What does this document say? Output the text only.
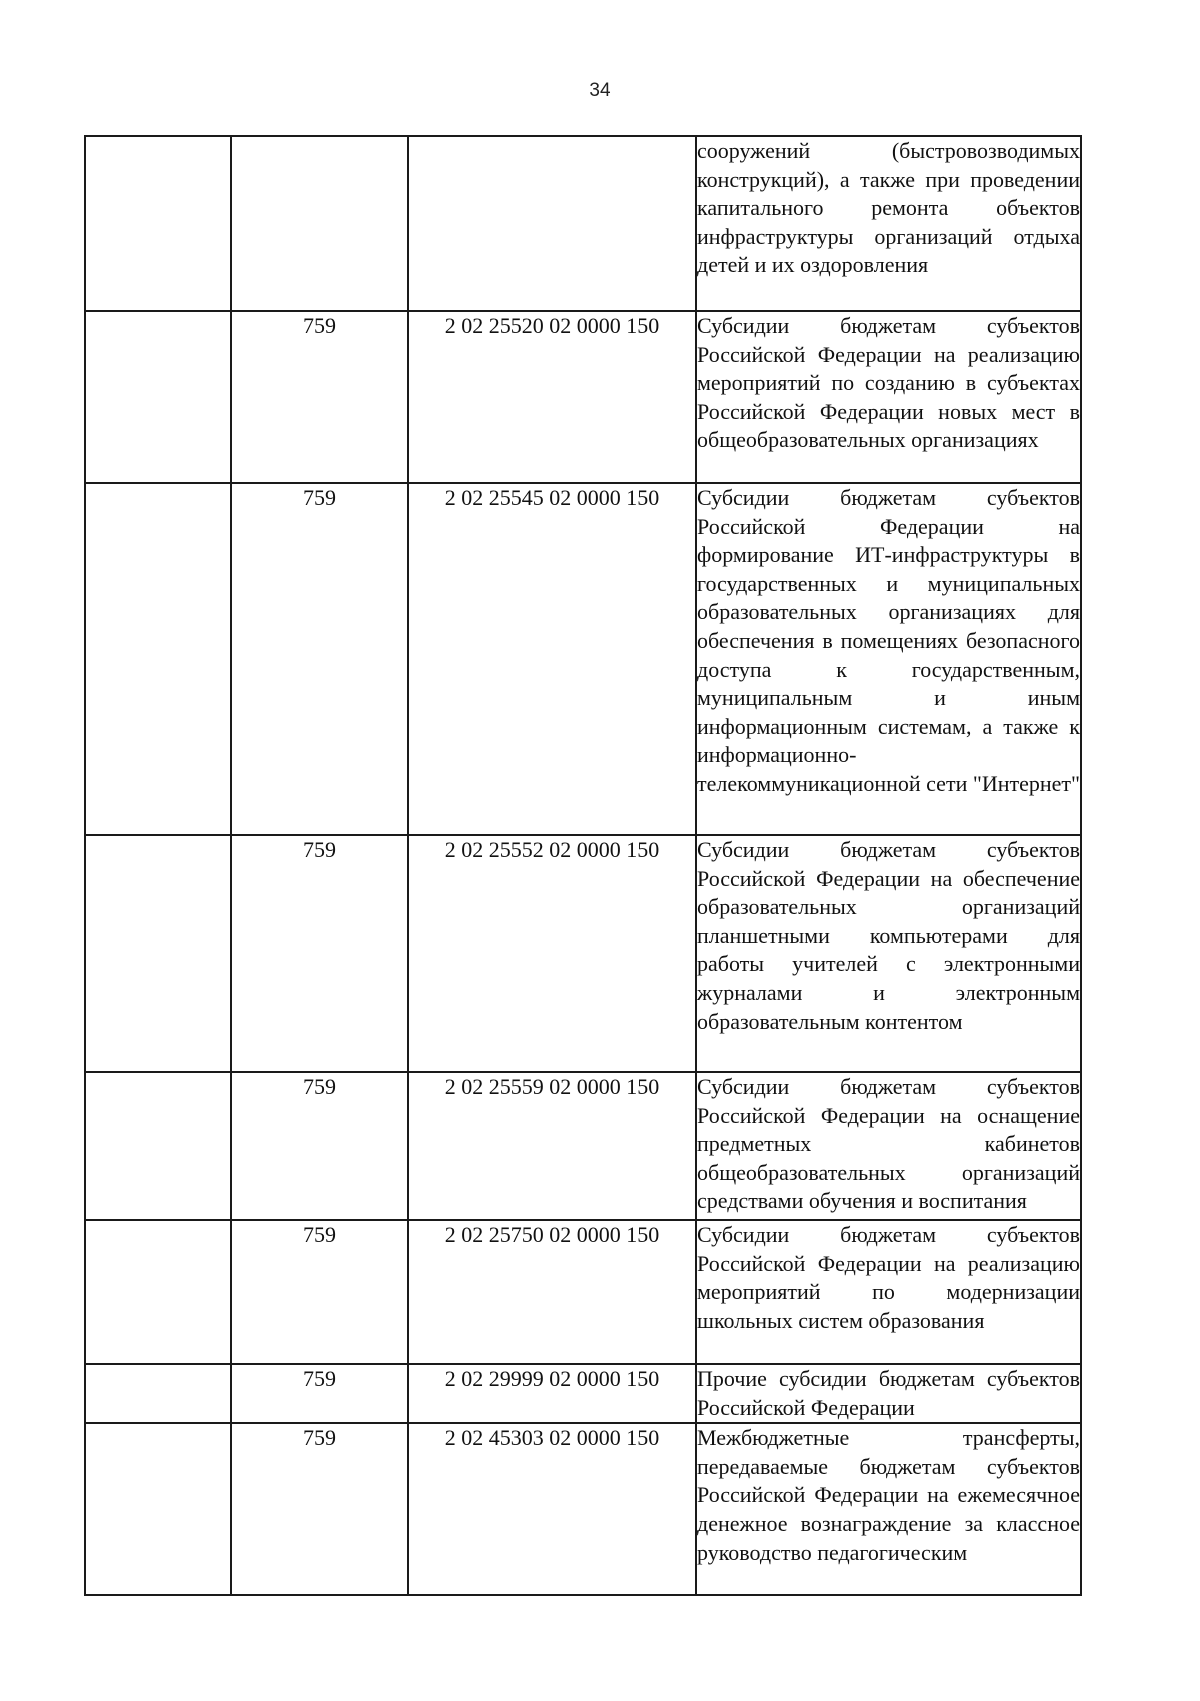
34
			сооружений (быстровозводимых конструкций), а также при проведении капитального ремонта объектов инфраструктуры организаций отдыха детей и их оздоровления
	759	2 02 25520 02 0000 150	Субсидии бюджетам субъектов Российской Федерации на реализацию мероприятий по созданию в субъектах Российской Федерации новых мест в общеобразовательных организациях
	759	2 02 25545 02 0000 150	Субсидии бюджетам субъектов Российской Федерации на формирование ИТ-инфраструктуры в государственных и муниципальных образовательных организациях для обеспечения в помещениях безопасного доступа к государственным, муниципальным и иным информационным системам, а также к информационно-телекоммуникационной сети "Интернет"
	759	2 02 25552 02 0000 150	Субсидии бюджетам субъектов Российской Федерации на обеспечение образовательных организаций планшетными компьютерами для работы учителей с электронными журналами и электронным образовательным контентом
	759	2 02 25559 02 0000 150	Субсидии бюджетам субъектов Российской Федерации на оснащение предметных кабинетов общеобразовательных организаций средствами обучения и воспитания
	759	2 02 25750 02 0000 150	Субсидии бюджетам субъектов Российской Федерации на реализацию мероприятий по модернизации школьных систем образования
	759	2 02 29999 02 0000 150	Прочие субсидии бюджетам субъектов Российской Федерации
	759	2 02 45303 02 0000 150	Межбюджетные трансферты, передаваемые бюджетам субъектов Российской Федерации на ежемесячное денежное вознаграждение за классное руководство педагогическим
